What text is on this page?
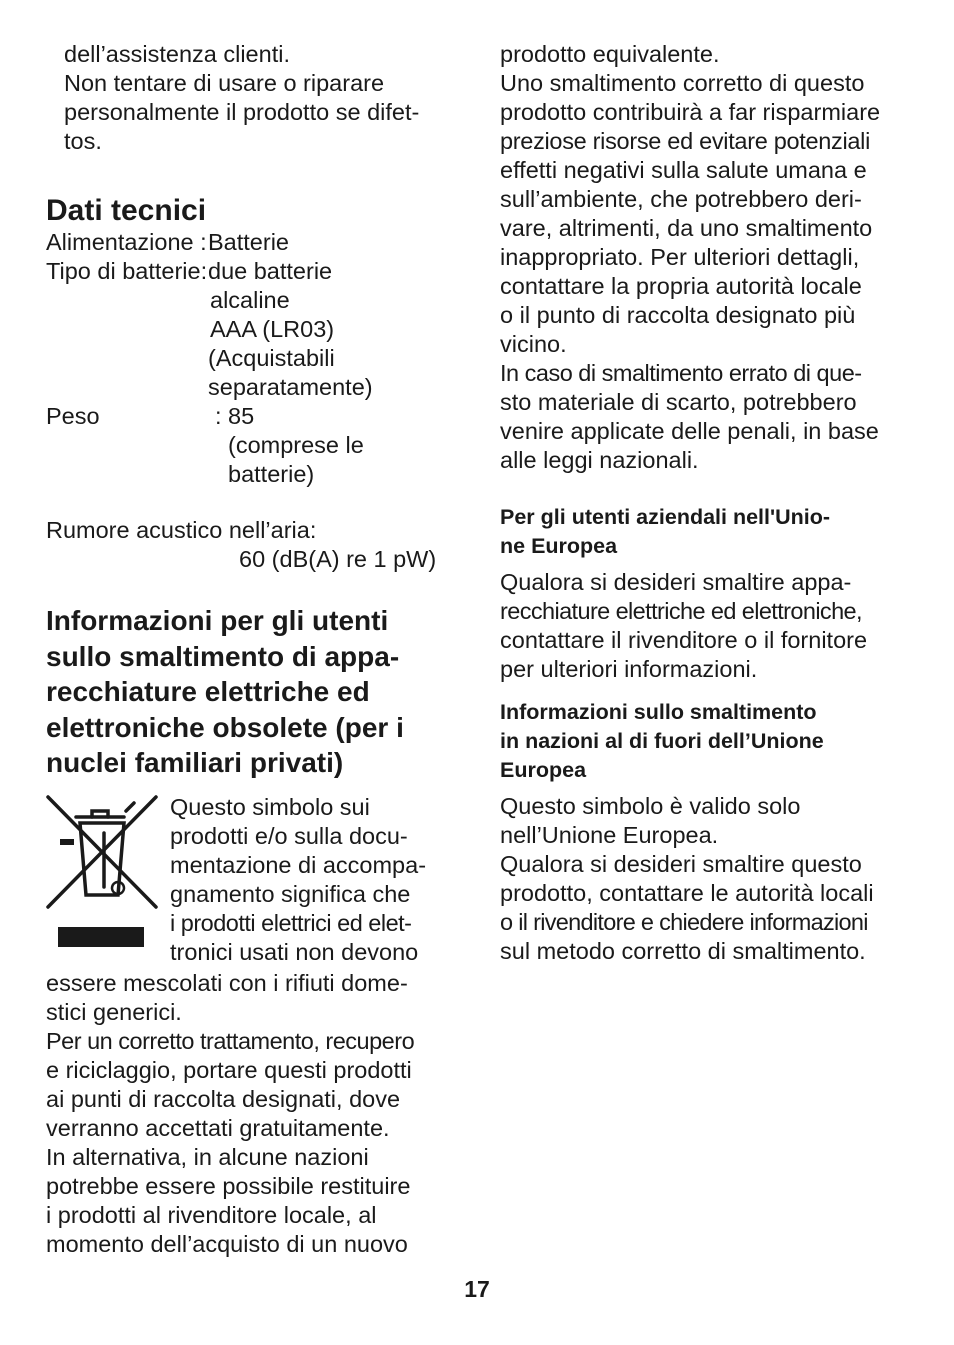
dell’assistenza clienti.
Non tentare di usare o riparare
personalmente il prodotto se difet-
tos.
Dati tecnici
Alimentazione : Batterie
Tipo di batterie: due batterie
alcaline
AAA (LR03)
(Acquistabili
separatamente)
Peso	: 85
(comprese le
batterie)
Rumore acustico nell’aria:
60 (dB(A) re 1 pW)
Informazioni per gli utenti
sullo smaltimento di appa-
recchiature elettriche ed
elettroniche obsolete (per i
nuclei familiari privati)
Questo simbolo sui
prodotti e/o sulla docu-
mentazione di accompa-
gnamento significa che
i prodotti elettrici ed elet-
tronici usati non devono
essere mescolati con i rifiuti dome-
stici generici.
Per un corretto trattamento, recupero
e riciclaggio, portare questi prodotti
ai punti di raccolta designati, dove
verranno accettati gratuitamente.
In alternativa, in alcune nazioni
potrebbe essere possibile restituire
i prodotti al rivenditore locale, al
momento dell’acquisto di un nuovo
prodotto equivalente.
Uno smaltimento corretto di questo
prodotto contribuirà a far risparmiare
preziose risorse ed evitare potenziali
effetti negativi sulla salute umana e
sull’ambiente, che potrebbero deri-
vare, altrimenti, da uno smaltimento
inappropriato. Per ulteriori dettagli,
contattare la propria autorità locale
o il punto di raccolta designato più
vicino.
In caso di smaltimento errato di que-
sto materiale di scarto, potrebbero
venire applicate delle penali, in base
alle leggi nazionali.
Per gli utenti aziendali nell'Unio-
ne Europea
Qualora si desideri smaltire appa-
recchiature elettriche ed elettroniche,
contattare il rivenditore o il fornitore
per ulteriori informazioni.
Informazioni sullo smaltimento
in nazioni al di fuori dell’Unione
Europea
Questo simbolo è valido solo
nell’Unione Europea.
Qualora si desideri smaltire questo
prodotto, contattare le autorità locali
o il rivenditore e chiedere informazioni
sul metodo corretto di smaltimento.
17
